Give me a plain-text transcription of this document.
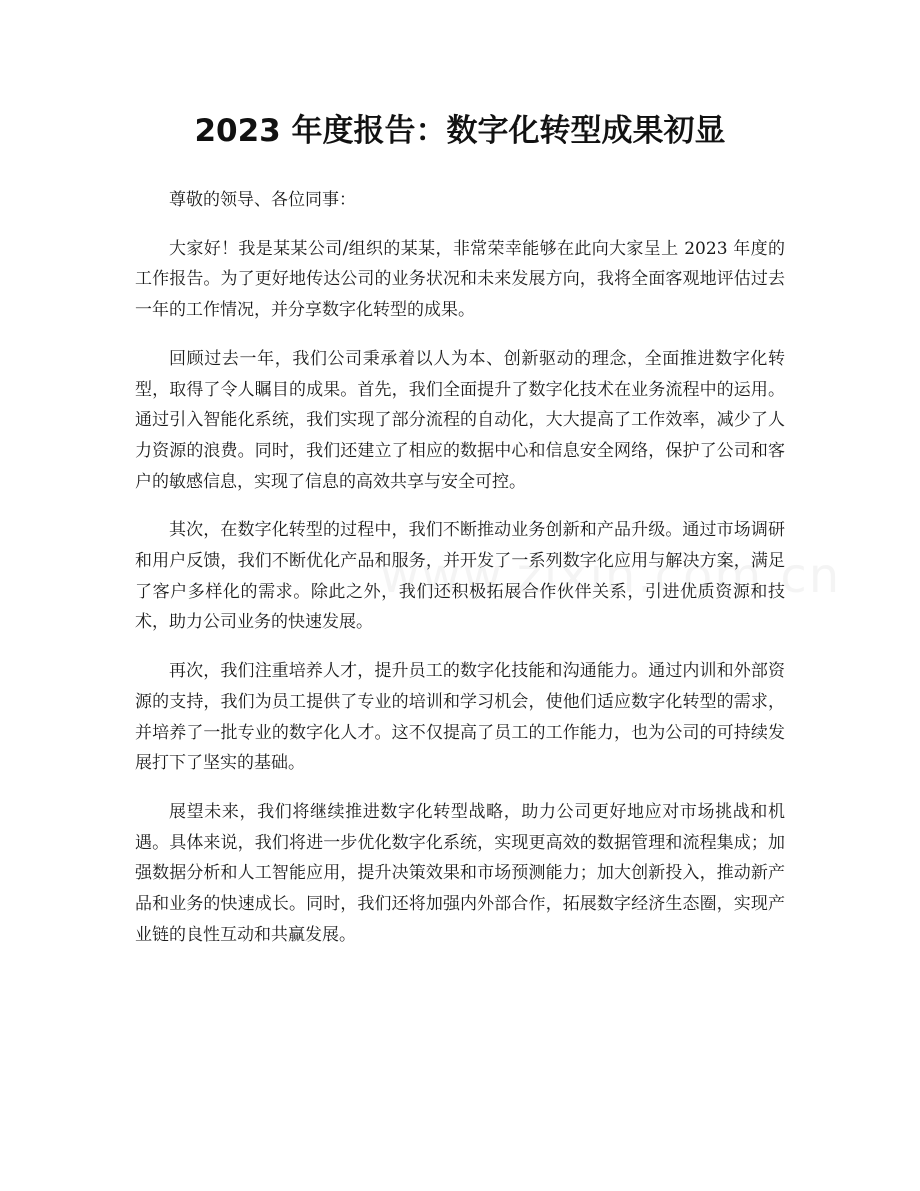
2023 年度报告：数字化转型成果初显

尊敬的领导、各位同事：

大家好！我是某某公司/组织的某某，非常荣幸能够在此向大家呈上 2023 年度的工作报告。为了更好地传达公司的业务状况和未来发展方向，我将全面客观地评估过去一年的工作情况，并分享数字化转型的成果。

回顾过去一年，我们公司秉承着以人为本、创新驱动的理念，全面推进数字化转型，取得了令人瞩目的成果。首先，我们全面提升了数字化技术在业务流程中的运用。通过引入智能化系统，我们实现了部分流程的自动化，大大提高了工作效率，减少了人力资源的浪费。同时，我们还建立了相应的数据中心和信息安全网络，保护了公司和客户的敏感信息，实现了信息的高效共享与安全可控。

其次，在数字化转型的过程中，我们不断推动业务创新和产品升级。通过市场调研和用户反馈，我们不断优化产品和服务，并开发了一系列数字化应用与解决方案，满足了客户多样化的需求。除此之外，我们还积极拓展合作伙伴关系，引进优质资源和技术，助力公司业务的快速发展。

再次，我们注重培养人才，提升员工的数字化技能和沟通能力。通过内训和外部资源的支持，我们为员工提供了专业的培训和学习机会，使他们适应数字化转型的需求，并培养了一批专业的数字化人才。这不仅提高了员工的工作能力，也为公司的可持续发展打下了坚实的基础。

展望未来，我们将继续推进数字化转型战略，助力公司更好地应对市场挑战和机遇。具体来说，我们将进一步优化数字化系统，实现更高效的数据管理和流程集成；加强数据分析和人工智能应用，提升决策效果和市场预测能力；加大创新投入，推动新产品和业务的快速成长。同时，我们还将加强内外部合作，拓展数字经济生态圈，实现产业链的良性互动和共赢发展。
